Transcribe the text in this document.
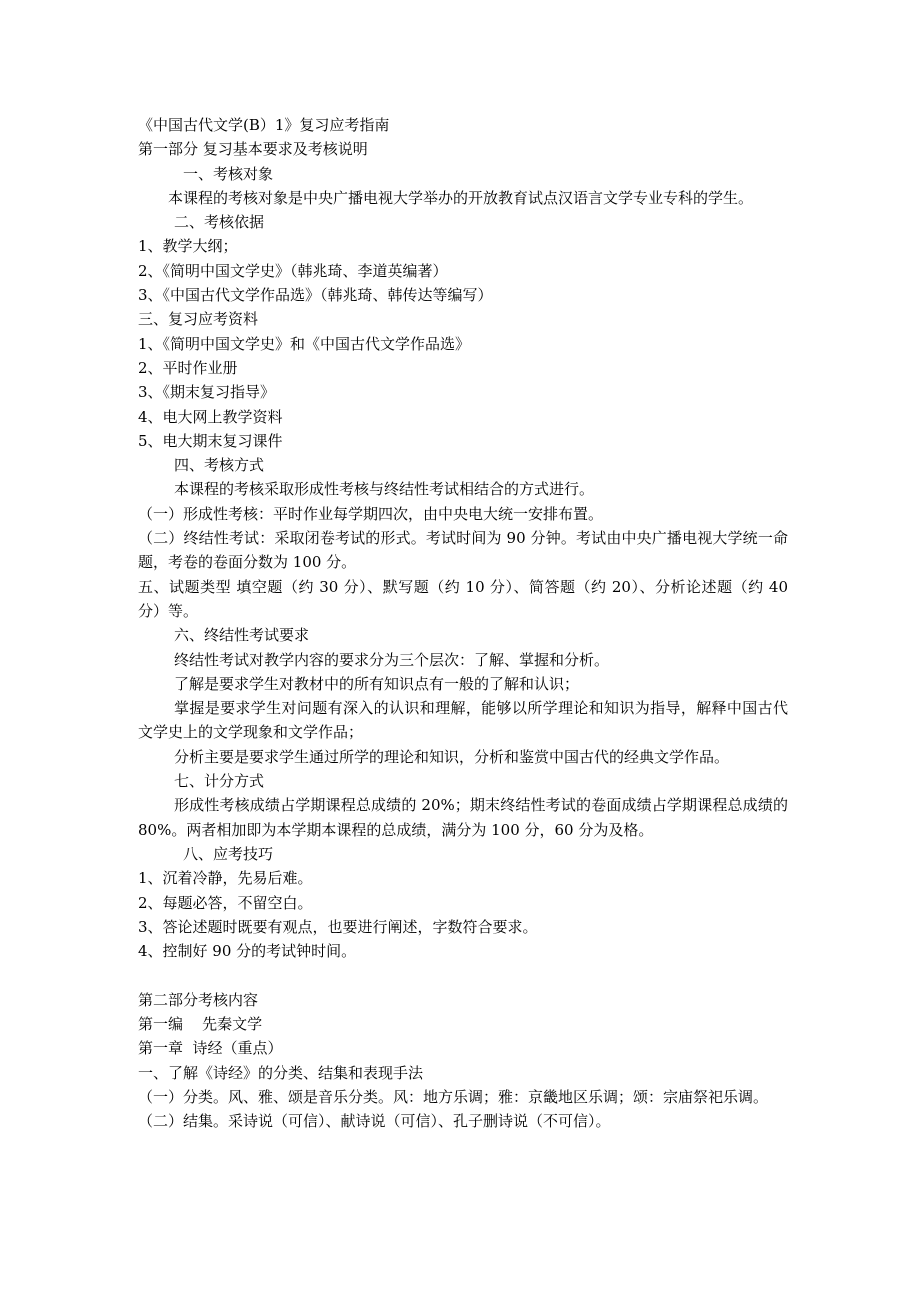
《中国古代文学(B）1》复习应考指南
第一部分 复习基本要求及考核说明
一、考核对象
本课程的考核对象是中央广播电视大学举办的开放教育试点汉语言文学专业专科的学生。
二、考核依据
1、教学大纲；
2、《简明中国文学史》（韩兆琦、李道英编著）
3、《中国古代文学作品选》（韩兆琦、韩传达等编写）
三、复习应考资料
1、《简明中国文学史》和《中国古代文学作品选》
2、平时作业册
3、《期末复习指导》
4、电大网上教学资料
5、电大期末复习课件
四、考核方式
本课程的考核采取形成性考核与终结性考试相结合的方式进行。
（一）形成性考核：平时作业每学期四次，由中央电大统一安排布置。
（二）终结性考试：采取闭卷考试的形式。考试时间为 90 分钟。考试由中央广播电视大学统一命题，考卷的卷面分数为 100 分。
五、试题类型 填空题（约 30 分）、默写题（约 10 分）、简答题（约 20）、分析论述题（约 40 分）等。
六、终结性考试要求
终结性考试对教学内容的要求分为三个层次：了解、掌握和分析。
了解是要求学生对教材中的所有知识点有一般的了解和认识；
掌握是要求学生对问题有深入的认识和理解，能够以所学理论和知识为指导，解释中国古代文学史上的文学现象和文学作品；
分析主要是要求学生通过所学的理论和知识，分析和鉴赏中国古代的经典文学作品。
七、计分方式
形成性考核成绩占学期课程总成绩的 20%；期末终结性考试的卷面成绩占学期课程总成绩的 80%。两者相加即为本学期本课程的总成绩，满分为 100 分，60 分为及格。
八、应考技巧
1、沉着冷静，先易后难。
2、每题必答，不留空白。
3、答论述题时既要有观点，也要进行阐述，字数符合要求。
4、控制好 90 分的考试钟时间。
第二部分考核内容
第一编    先秦文学
第一章  诗经（重点）
一、了解《诗经》的分类、结集和表现手法
（一）分类。风、雅、颂是音乐分类。风：地方乐调；雅：京畿地区乐调；颂：宗庙祭祀乐调。
（二）结集。采诗说（可信）、献诗说（可信）、孔子删诗说（不可信）。
